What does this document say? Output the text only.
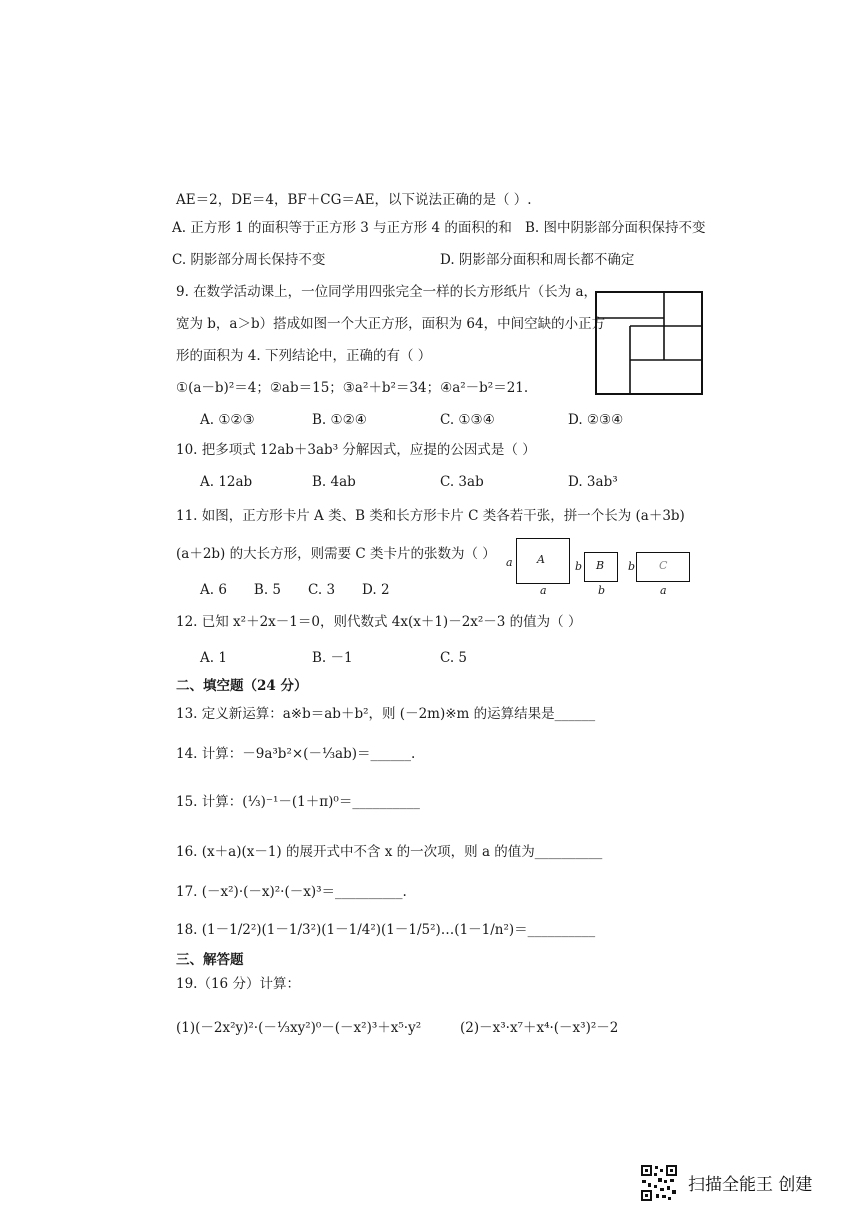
AE＝2，DE＝4，BF＋CG＝AE，以下说法正确的是（ ）.
A. 正方形 1 的面积等于正方形 3 与正方形 4 的面积的和 B. 图中阴影部分面积保持不变
C. 阴影部分周长保持不变	D. 阴影部分面积和周长都不确定
9. 在数学活动课上，一位同学用四张完全一样的长方形纸片（长为 a，
宽为 b，a＞b）搭成如图一个大正方形，面积为 64，中间空缺的小正方
形的面积为 4. 下列结论中，正确的有（ ）
①(a－b)²＝4；②ab＝15；③a²＋b²＝34；④a²－b²＝21.
A. ①②③	B. ①②④	C. ①③④	D. ②③④
10. 把多项式 12ab＋3ab³ 分解因式，应提的公因式是（ ）
A. 12ab	B. 4ab	C. 3ab	D. 3ab³
11. 如图，正方形卡片 A 类、B 类和长方形卡片 C 类各若干张，拼一个长为 (a＋3b)
(a＋2b) 的大长方形，则需要 C 类卡片的张数为（ ）
A. 6　　B. 5　　C. 3　　D. 2
A
a
a
B
b
b
C
b
a
12. 已知 x²＋2x－1＝0，则代数式 4x(x＋1)－2x²－3 的值为（ ）
A. 1	B. －1	C. 5
二、填空题（24 分）
13. 定义新运算：a※b＝ab＋b²，则 (－2m)※m 的运算结果是______
14. 计算：－9a³b²×(－⅓ab)＝______.
15. 计算：(⅓)⁻¹－(1＋π)⁰＝__________
16. (x＋a)(x－1) 的展开式中不含 x 的一次项，则 a 的值为__________
17. (－x²)·(－x)²·(－x)³＝__________.
18. (1－1/2²)(1－1/3²)(1－1/4²)(1－1/5²)…(1－1/n²)＝__________
三、解答题
19.（16 分）计算：
(1)(－2x²y)²·(－⅓xy²)⁰－(－x²)³＋x⁵·y²	(2)－x³·x⁷＋x⁴·(－x³)²－2
扫描全能王 创建
